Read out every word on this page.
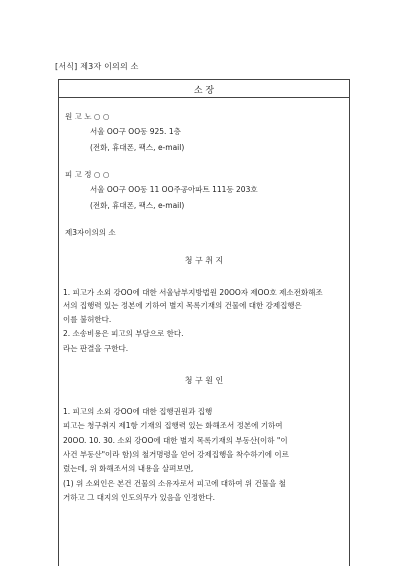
[서식] 제3자 이의의 소
소 장
원 고 노 ○ ○
서울 OO구 OO동 925. 1층
(전화, 휴대폰, 팩스, e-mail)
피 고 정 ○ ○
서울 OO구 OO동 11 OO주공아파트 111동 203호
(전화, 휴대폰, 팩스, e-mail)
제3자이의의 소
청 구 취 지
1. 피고가 소외 강OO에 대한 서울남부지방법원 20OO자 제OO호 제소전화해조
서의 집행력 있는 정본에 기하여 별지 목록기재의 건물에 대한 강제집행은
이를 불허한다.
2. 소송비용은 피고의 부담으로 한다.
라는 판결을 구한다.
청 구 원 인
1. 피고의 소외 강OO에 대한 집행권원과 집행
피고는 청구취지 제1항 기재의 집행력 있는 화해조서 정본에 기하여
20OO. 10. 30. 소외 강OO에 대한 별지 목록기재의 부동산(이하 "이
사건 부동산"이라 함)의 철거명령을 얻어 강제집행을 착수하기에 이르
렀는데, 위 화해조서의 내용을 살펴보면,
(1) 위 소외인은 본건 건물의 소유자로서 피고에 대하여 위 건물을 철
거하고 그 대지의 인도의무가 있음을 인정한다.
